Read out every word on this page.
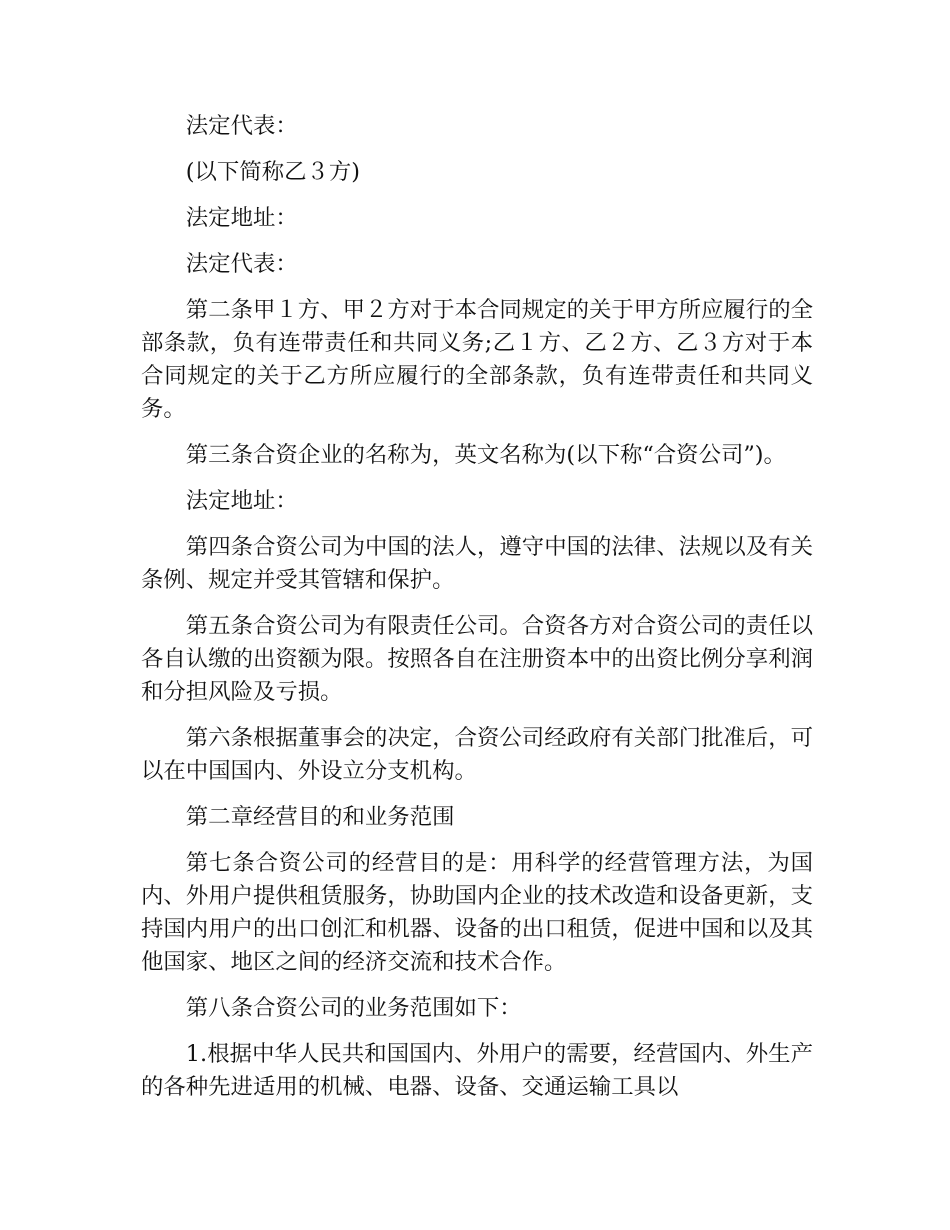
法定代表：

(以下简称乙３方)

法定地址：

法定代表：

第二条甲１方、甲２方对于本合同规定的关于甲方所应履行的全部条款，负有连带责任和共同义务;乙１方、乙２方、乙３方对于本合同规定的关于乙方所应履行的全部条款，负有连带责任和共同义务。

第三条合资企业的名称为，英文名称为(以下称“合资公司”)。

法定地址：

第四条合资公司为中国的法人，遵守中国的法律、法规以及有关条例、规定并受其管辖和保护。

第五条合资公司为有限责任公司。合资各方对合资公司的责任以各自认缴的出资额为限。按照各自在注册资本中的出资比例分享利润和分担风险及亏损。

第六条根据董事会的决定，合资公司经政府有关部门批准后，可以在中国国内、外设立分支机构。

第二章经营目的和业务范围

第七条合资公司的经营目的是：用科学的经营管理方法，为国内、外用户提供租赁服务，协助国内企业的技术改造和设备更新，支持国内用户的出口创汇和机器、设备的出口租赁，促进中国和以及其他国家、地区之间的经济交流和技术合作。

第八条合资公司的业务范围如下：

1.根据中华人民共和国国内、外用户的需要，经营国内、外生产的各种先进适用的机械、电器、设备、交通运输工具以
